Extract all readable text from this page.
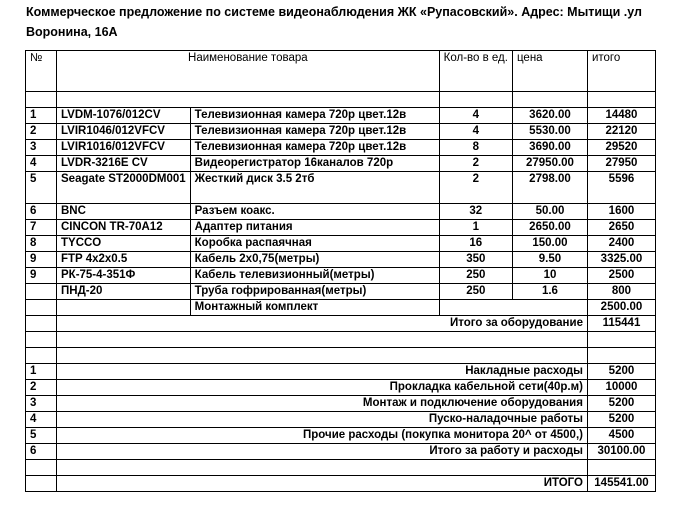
Коммерческое предложение по системе видеонаблюдения ЖК «Рупасовский». Адрес: Мытищи .ул
Воронина, 16А
№	Наименование товара		Кол-во в ед.	цена	итого

1	LVDM-1076/012CV	Телевизионная камера 720р цвет.12в	4	3620.00	14480
2	LVIR1046/012VFCV	Телевизионная камера 720р цвет.12в	4	5530.00	22120
3	LVIR1016/012VFCV	Телевизионная камера 720р цвет.12в	8	3690.00	29520
4	LVDR-3216E CV	Видеорегистратор 16каналов 720р	2	27950.00	27950
5	Seagate ST2000DM001	Жесткий диск 3.5 2тб	2	2798.00	5596
6	BNC	Разъем коакс.	32	50.00	1600
7	CINCON TR-70A12	Адаптер питания	1	2650.00	2650
8	TYCCO	Коробка распаячная	16	150.00	2400
9	FTP 4x2x0.5	Кабель 2х0,75(метры)	350	9.50	3325.00
9	РК-75-4-351Ф	Кабель телевизионный(метры)	250	10	2500
	ПНД-20	Труба гофрированная(метры)	250	1.6	800
		Монтажный комплект			2500.00
	Итого за оборудование				115441

1	Накладные расходы				5200
2	Прокладка кабельной сети(40р.м)				10000
3	Монтаж и подключение оборудования				5200
4	Пуско-наладочные работы				5200
5	Прочие расходы (покупка монитора 20^ от 4500,)				4500
6	Итого за работу и расходы				30100.00

	ИТОГО				145541.00
